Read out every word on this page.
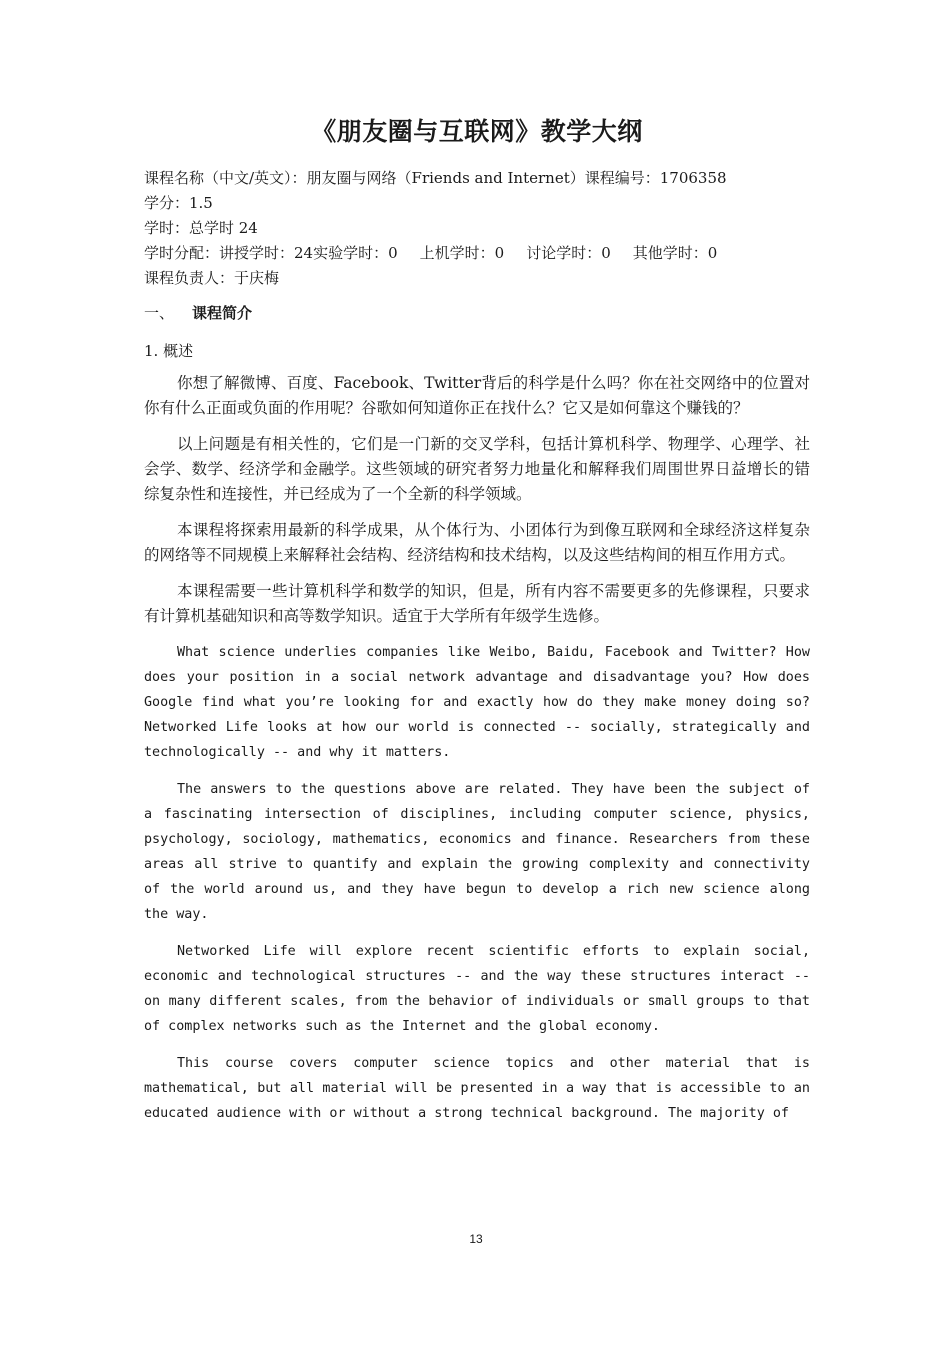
《朋友圈与互联网》教学大纲
课程名称（中文/英文）：朋友圈与网络（Friends and Internet）课程编号：1706358
学分：1.5
学时：总学时 24
学时分配：讲授学时：24实验学时：0 上机学时：0 讨论学时：0 其他学时：0
课程负责人：于庆梅
一、 课程简介
1. 概述

你想了解微博、百度、Facebook、Twitter背后的科学是什么吗？你在社交网络中的位置对你有什么正面或负面的作用呢？谷歌如何知道你正在找什么？它又是如何靠这个赚钱的？

以上问题是有相关性的，它们是一门新的交叉学科，包括计算机科学、物理学、心理学、社会学、数学、经济学和金融学。这些领域的研究者努力地量化和解释我们周围世界日益增长的错综复杂性和连接性，并已经成为了一个全新的科学领域。

本课程将探索用最新的科学成果，从个体行为、小团体行为到像互联网和全球经济这样复杂的网络等不同规模上来解释社会结构、经济结构和技术结构，以及这些结构间的相互作用方式。

本课程需要一些计算机科学和数学的知识，但是，所有内容不需要更多的先修课程，只要求有计算机基础知识和高等数学知识。适宜于大学所有年级学生选修。

What science underlies companies like Weibo, Baidu, Facebook and Twitter? How does your position in a social network advantage and disadvantage you? How does Google find what you’re looking for and exactly how do they make money doing so? Networked Life looks at how our world is connected -- socially, strategically and technologically -- and why it matters.

The answers to the questions above are related. They have been the subject of a fascinating intersection of disciplines, including computer science, physics, psychology, sociology, mathematics, economics and finance. Researchers from these areas all strive to quantify and explain the growing complexity and connectivity of the world around us, and they have begun to develop a rich new science along the way.

Networked Life will explore recent scientific efforts to explain social, economic and technological structures -- and the way these structures interact -- on many different scales, from the behavior of individuals or small groups to that of complex networks such as the Internet and the global economy.

This course covers computer science topics and other material that is mathematical, but all material will be presented in a way that is accessible to an educated audience with or without a strong technical background. The majority of

13
